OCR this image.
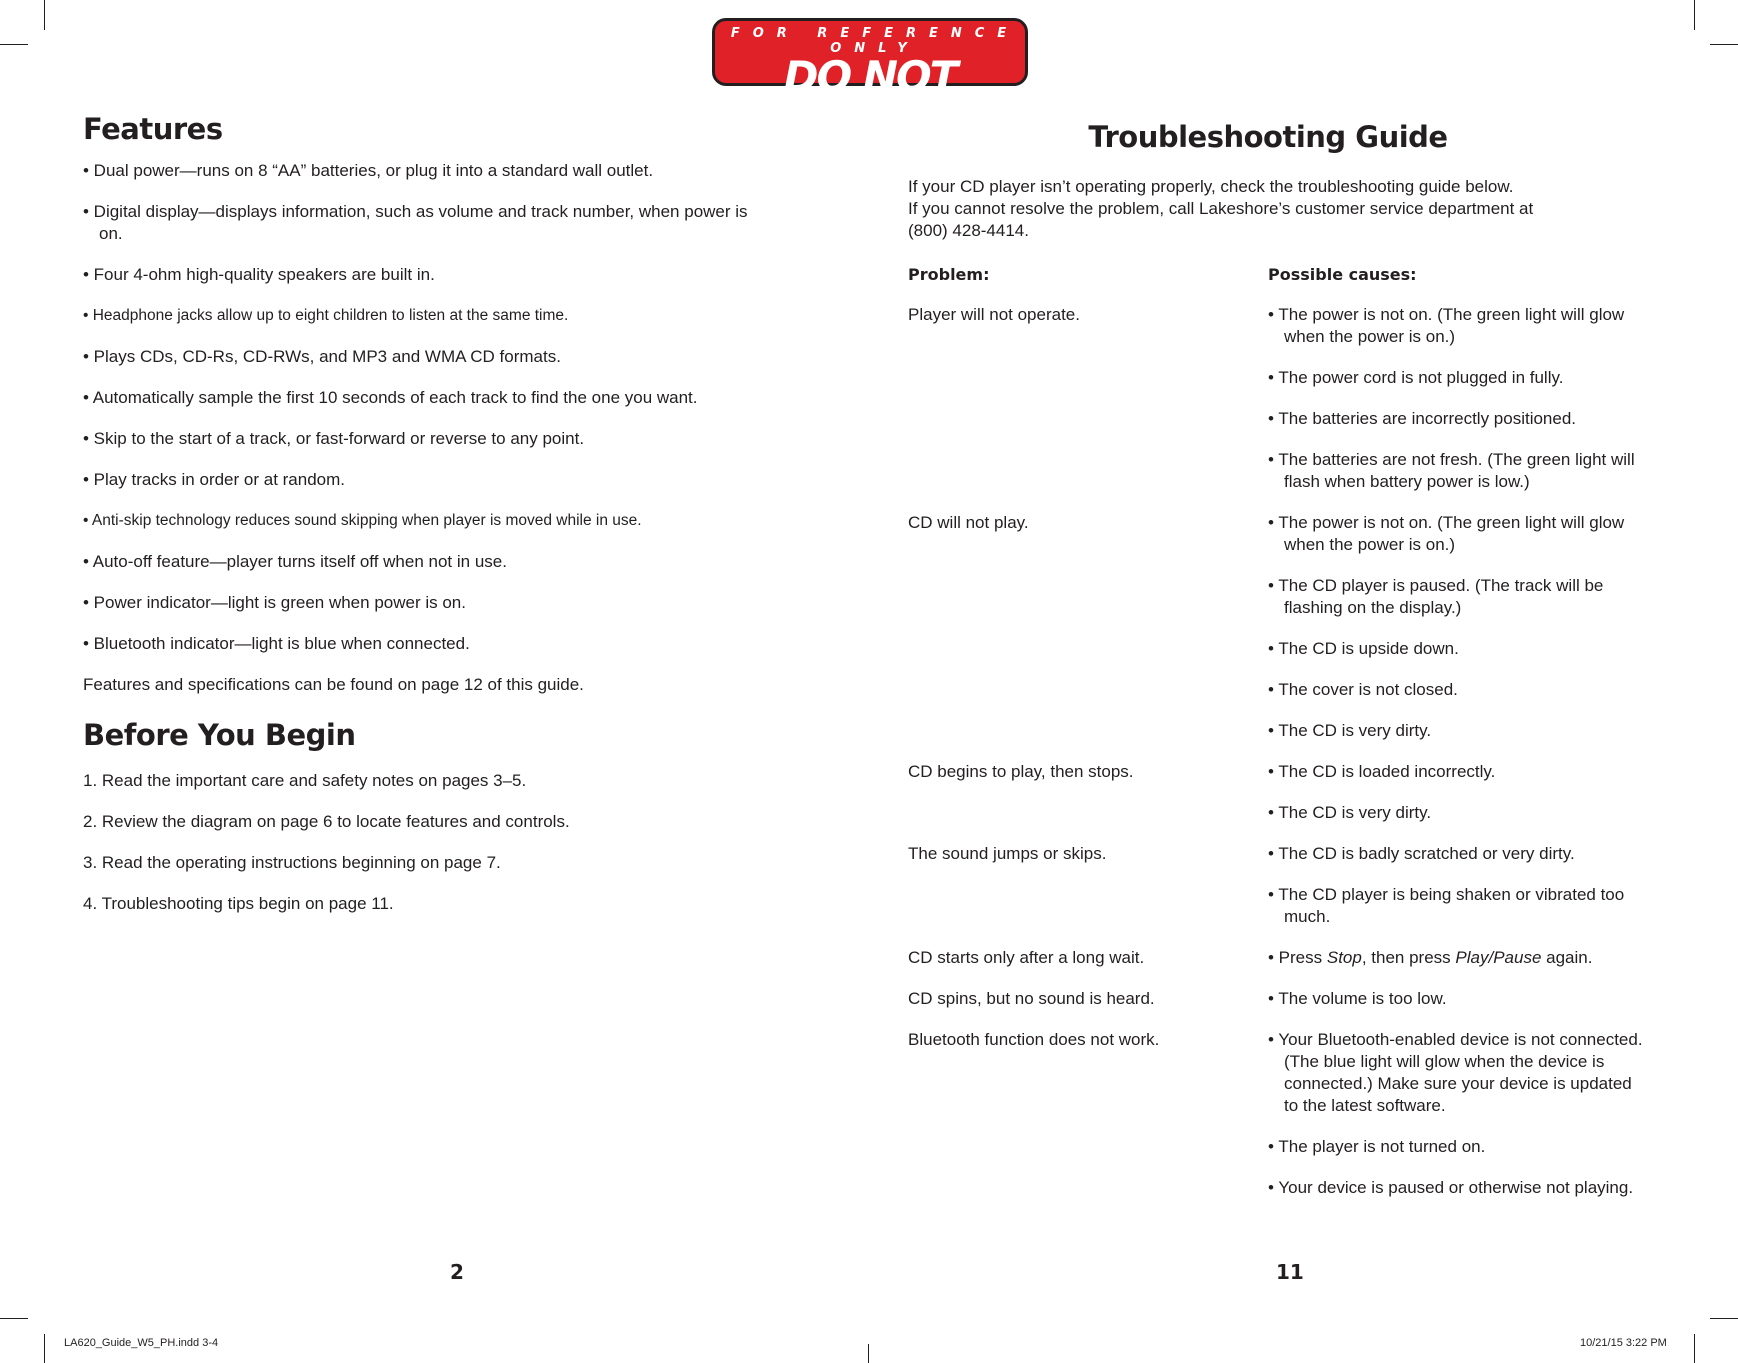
FOR REFERENCE ONLY
DO NOT PRINT
Features

• Dual power—runs on 8 “AA” batteries, or plug it into a standard wall outlet.

• Digital display—displays information, such as volume and track number, when power is on.

• Four 4-ohm high-quality speakers are built in.

• Headphone jacks allow up to eight children to listen at the same time.

• Plays CDs, CD-Rs, CD-RWs, and MP3 and WMA CD formats.

• Automatically sample the first 10 seconds of each track to find the one you want.

• Skip to the start of a track, or fast-forward or reverse to any point.

• Play tracks in order or at random.

• Anti-skip technology reduces sound skipping when player is moved while in use.

• Auto-off feature—player turns itself off when not in use.

• Power indicator—light is green when power is on.

• Bluetooth indicator—light is blue when connected.

Features and specifications can be found on page 12 of this guide.

Before You Begin

1. Read the important care and safety notes on pages 3–5.

2. Review the diagram on page 6 to locate features and controls.

3. Read the operating instructions beginning on page 7.

4. Troubleshooting tips begin on page 11.

Troubleshooting Guide

If your CD player isn’t operating properly, check the troubleshooting guide below.

If you cannot resolve the problem, call Lakeshore’s customer service department at

(800) 428-4414.

Problem:	Possible causes:
Player will not operate.	• The power is not on. (The green light will glow when the power is on.)
• The power cord is not plugged in fully.
• The batteries are incorrectly positioned.
• The batteries are not fresh. (The green light will flash when battery power is low.)

CD will not play.	• The power is not on. (The green light will glow when the power is on.)
• The CD player is paused. (The track will be flashing on the display.)
• The CD is upside down.
• The cover is not closed.
• The CD is very dirty.

CD begins to play, then stops.	• The CD is loaded incorrectly.
• The CD is very dirty.

The sound jumps or skips.	• The CD is badly scratched or very dirty.
• The CD player is being shaken or vibrated too much.

CD starts only after a long wait.	• Press Stop, then press Play/Pause again.

CD spins, but no sound is heard.	• The volume is too low.

Bluetooth function does not work.	• Your Bluetooth-enabled device is not connected. (The blue light will glow when the device is connected.) Make sure your device is updated to the latest software.
• The player is not turned on.
• Your device is paused or otherwise not playing.
2	11
LA620_Guide_W5_PH.indd 3-4	10/21/15 3:22 PM
